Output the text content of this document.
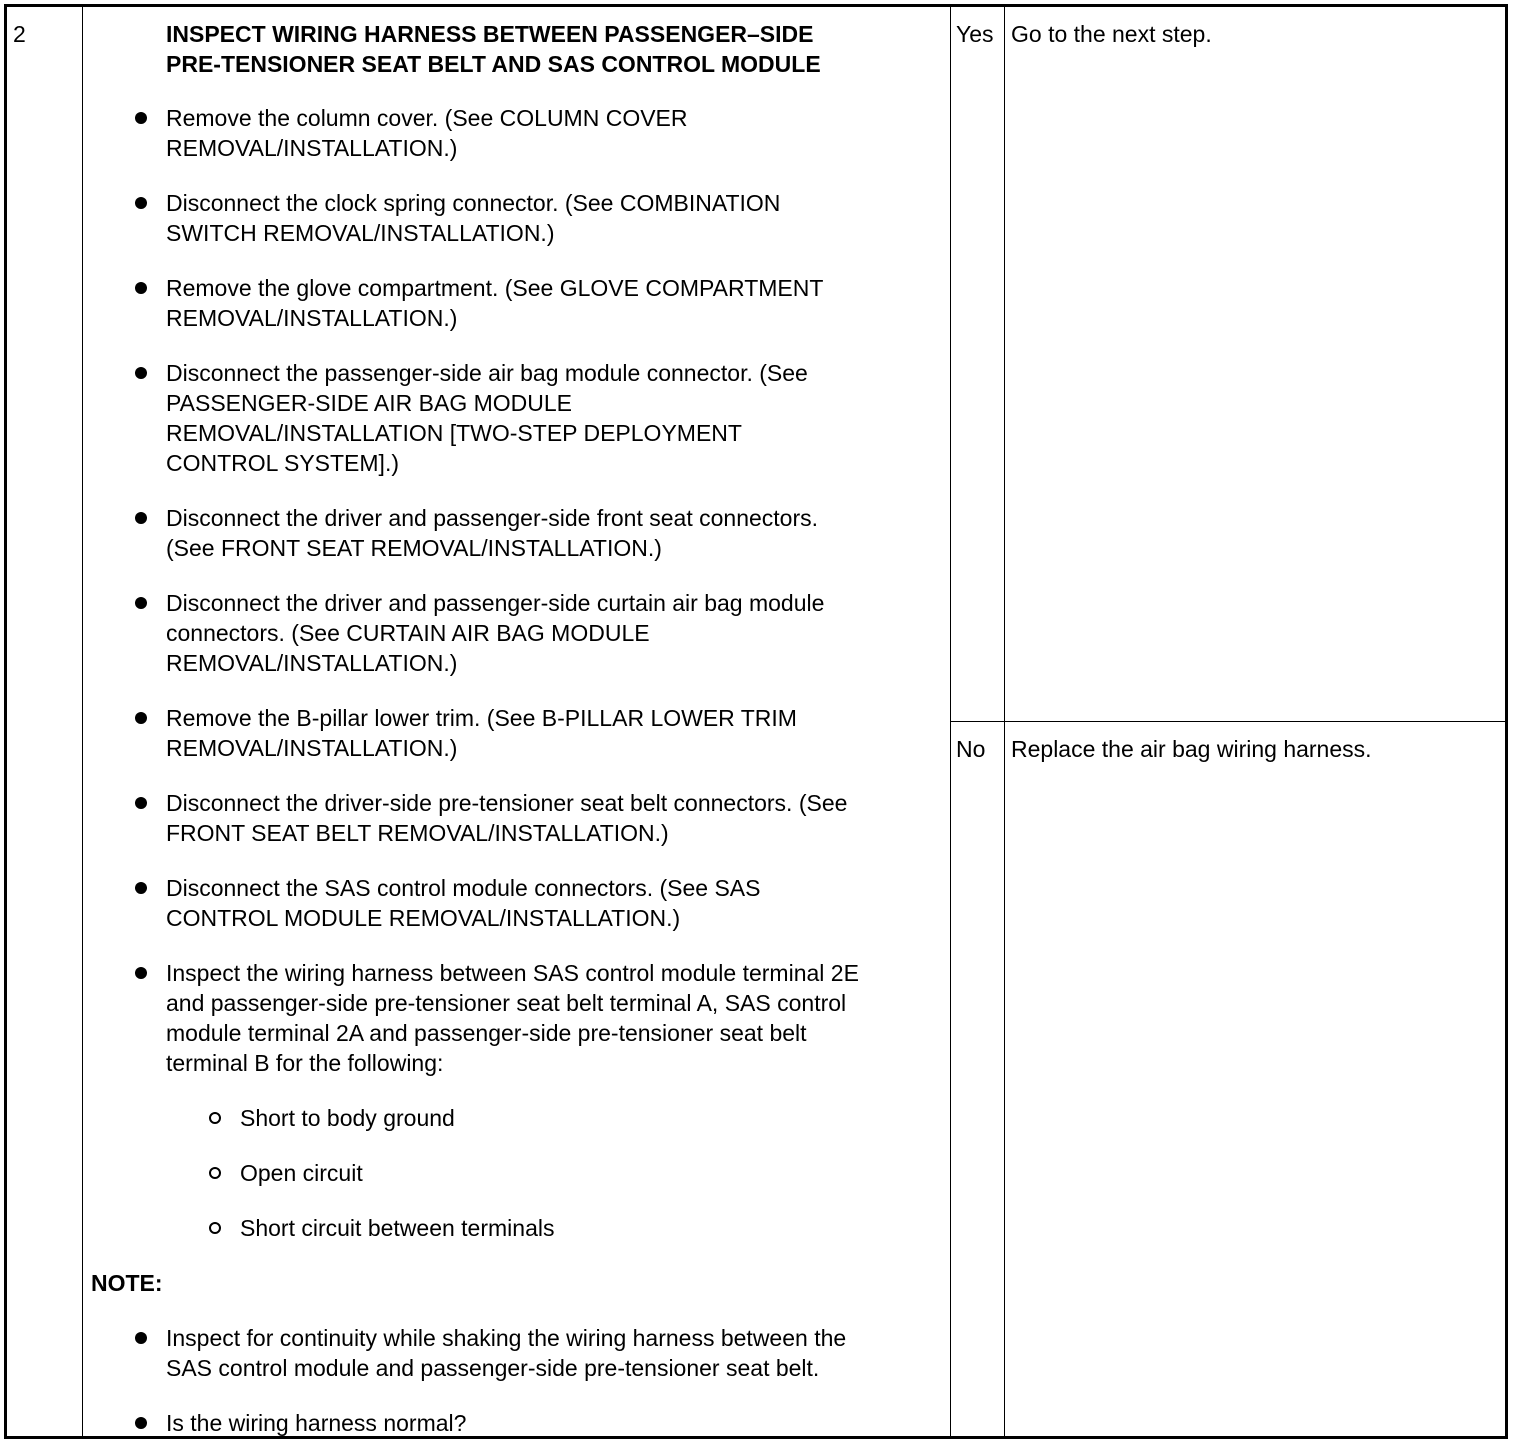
2	INSPECT WIRING HARNESS BETWEEN PASSENGER–SIDE
PRE-TENSIONER SEAT BELT AND SAS CONTROL MODULE
Remove the column cover. (See COLUMN COVER
REMOVAL/INSTALLATION.)
Disconnect the clock spring connector. (See COMBINATION
SWITCH REMOVAL/INSTALLATION.)
Remove the glove compartment. (See GLOVE COMPARTMENT
REMOVAL/INSTALLATION.)
Disconnect the passenger-side air bag module connector. (See
PASSENGER-SIDE AIR BAG MODULE
REMOVAL/INSTALLATION [TWO-STEP DEPLOYMENT
CONTROL SYSTEM].)
Disconnect the driver and passenger-side front seat connectors.
(See FRONT SEAT REMOVAL/INSTALLATION.)
Disconnect the driver and passenger-side curtain air bag module
connectors. (See CURTAIN AIR BAG MODULE
REMOVAL/INSTALLATION.)
Remove the B-pillar lower trim. (See B-PILLAR LOWER TRIM
REMOVAL/INSTALLATION.)
Disconnect the driver-side pre-tensioner seat belt connectors. (See
FRONT SEAT BELT REMOVAL/INSTALLATION.)
Disconnect the SAS control module connectors. (See SAS
CONTROL MODULE REMOVAL/INSTALLATION.)
Inspect the wiring harness between SAS control module terminal 2E
and passenger-side pre-tensioner seat belt terminal A, SAS control
module terminal 2A and passenger-side pre-tensioner seat belt
terminal B for the following:
Short to body ground
Open circuit
Short circuit between terminals
NOTE:
Inspect for continuity while shaking the wiring harness between the
SAS control module and passenger-side pre-tensioner seat belt.
Is the wiring harness normal?
Yes Go to the next step.
No Replace the air bag wiring harness.
